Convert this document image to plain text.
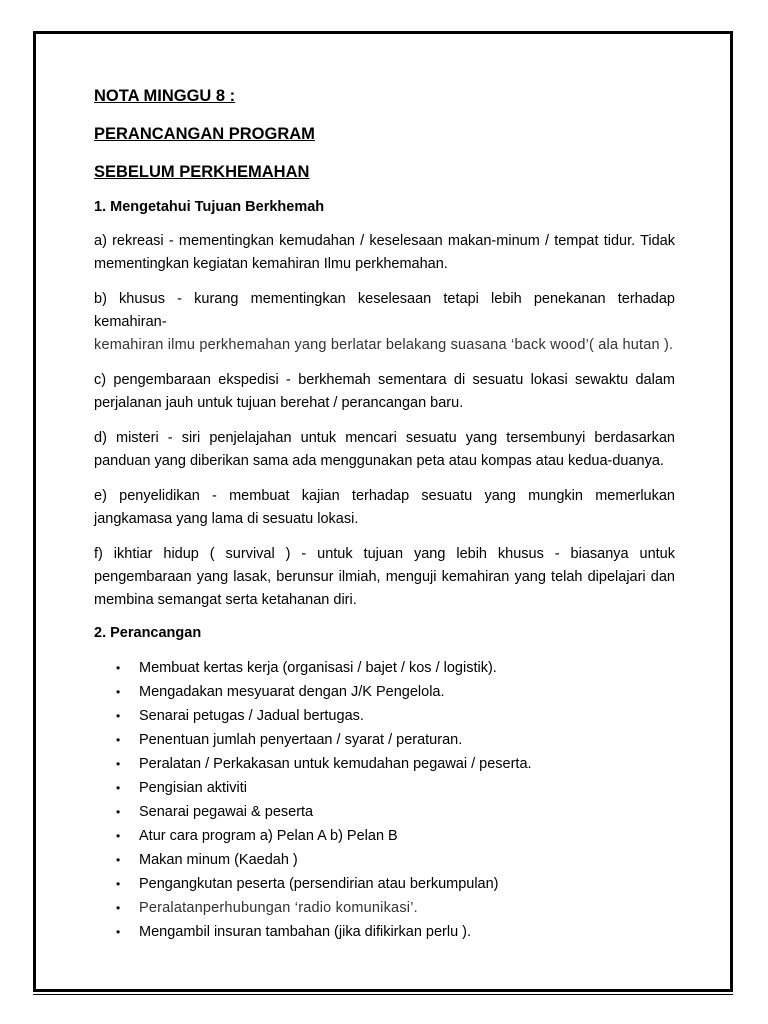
NOTA MINGGU 8 :

PERANCANGAN PROGRAM

SEBELUM PERKHEMAHAN

1. Mengetahui Tujuan Berkhemah

a) rekreasi - mementingkan kemudahan / keselesaan makan-minum / tempat tidur. Tidak mementingkan kegiatan kemahiran Ilmu perkhemahan.

b) khusus - kurang mementingkan keselesaan tetapi lebih penekanan terhadap kemahiran-
kemahiran ilmu perkhemahan yang berlatar belakang suasana ‘back wood’( ala hutan ).

c) pengembaraan ekspedisi - berkhemah sementara di sesuatu lokasi sewaktu dalam perjalanan jauh untuk tujuan berehat / perancangan baru.

d) misteri - siri penjelajahan untuk mencari sesuatu yang tersembunyi berdasarkan panduan yang diberikan sama ada menggunakan peta atau kompas atau kedua-duanya.

e) penyelidikan - membuat kajian terhadap sesuatu yang mungkin memerlukan jangkamasa yang lama di sesuatu lokasi.

f) ikhtiar hidup ( survival ) - untuk tujuan yang lebih khusus - biasanya untuk pengembaraan yang lasak, berunsur ilmiah, menguji kemahiran yang telah dipelajari dan membina semangat serta ketahanan diri.

2. Perancangan

• Membuat kertas kerja (organisasi / bajet / kos / logistik).
• Mengadakan mesyuarat dengan J/K Pengelola.
• Senarai petugas / Jadual bertugas.
• Penentuan jumlah penyertaan / syarat / peraturan.
• Peralatan / Perkakasan untuk kemudahan pegawai / peserta.
• Pengisian aktiviti
• Senarai pegawai & peserta
• Atur cara program a) Pelan A b) Pelan B
• Makan minum (Kaedah )
• Pengangkutan peserta (persendirian atau berkumpulan)
• Peralatanperhubungan ‘radio komunikasi’.
• Mengambil insuran tambahan (jika difikirkan perlu ).
